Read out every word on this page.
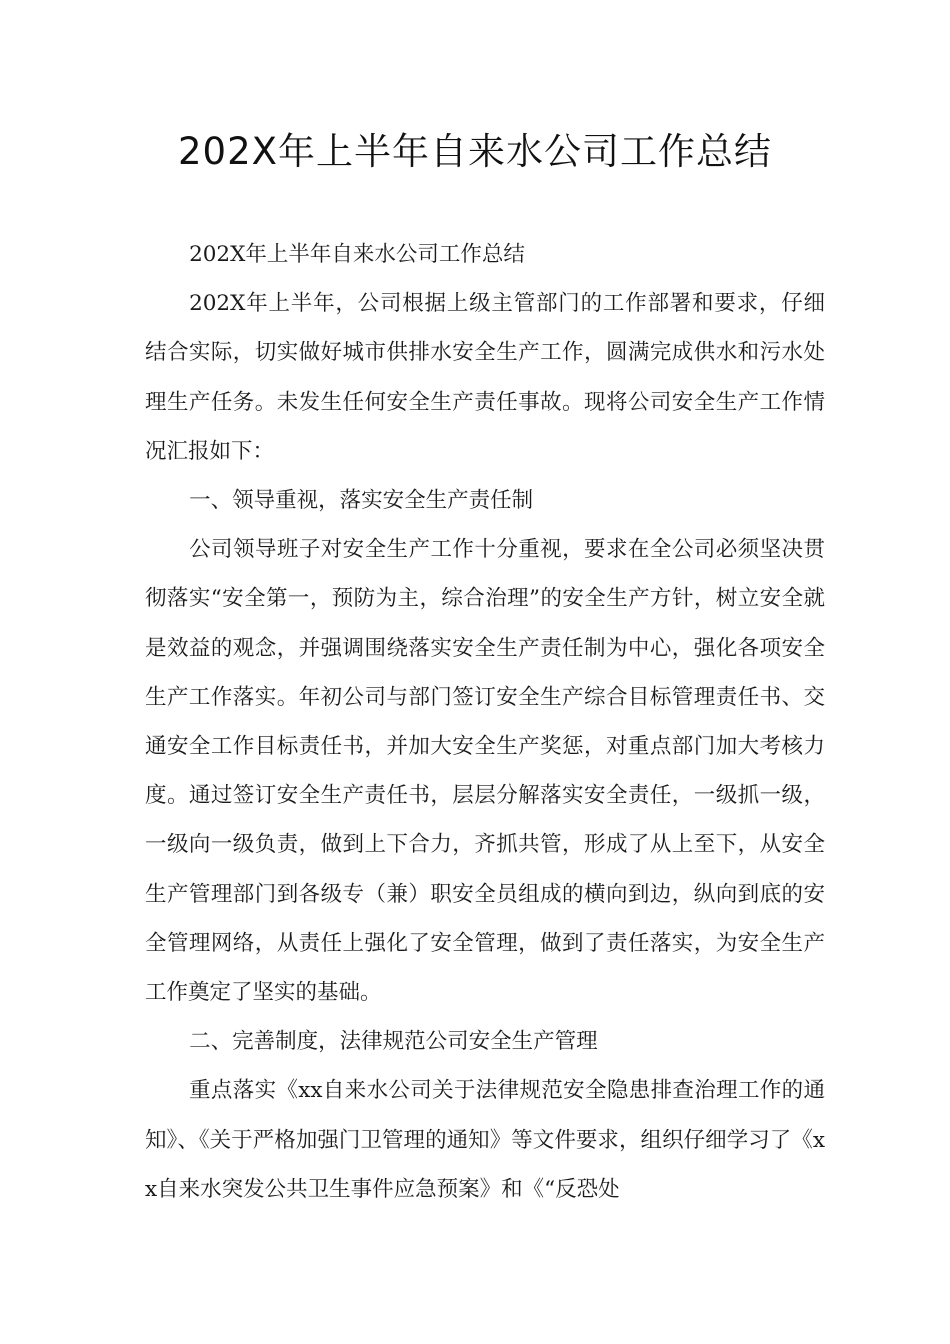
202X年上半年自来水公司工作总结

202X年上半年自来水公司工作总结

202X年上半年，公司根据上级主管部门的工作部署和要求，仔细结合实际，切实做好城市供排水安全生产工作，圆满完成供水和污水处理生产任务。未发生任何安全生产责任事故。现将公司安全生产工作情况汇报如下：

一、领导重视，落实安全生产责任制

公司领导班子对安全生产工作十分重视，要求在全公司必须坚决贯彻落实“安全第一，预防为主，综合治理”的安全生产方针，树立安全就是效益的观念，并强调围绕落实安全生产责任制为中心，强化各项安全生产工作落实。年初公司与部门签订安全生产综合目标管理责任书、交通安全工作目标责任书，并加大安全生产奖惩，对重点部门加大考核力度。通过签订安全生产责任书，层层分解落实安全责任，一级抓一级，一级向一级负责，做到上下合力，齐抓共管，形成了从上至下，从安全生产管理部门到各级专（兼）职安全员组成的横向到边，纵向到底的安全管理网络，从责任上强化了安全管理，做到了责任落实，为安全生产工作奠定了坚实的基础。

二、完善制度，法律规范公司安全生产管理

重点落实《xx自来水公司关于法律规范安全隐患排查治理工作的通知》、《关于严格加强门卫管理的通知》等文件要求，组织仔细学习了《xx自来水突发公共卫生事件应急预案》和《“反恐处
